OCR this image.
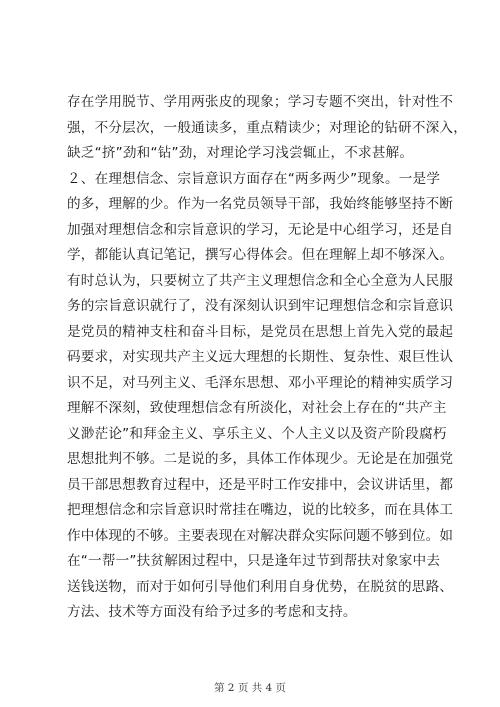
存在学用脱节、学用两张皮的现象；学习专题不突出，针对性不
强，不分层次，一般通读多，重点精读少；对理论的钻研不深入，
缺乏“挤”劲和“钻”劲，对理论学习浅尝辄止，不求甚解。
２、在理想信念、宗旨意识方面存在“两多两少”现象。一是学
的多，理解的少。作为一名党员领导干部，我始终能够坚持不断
加强对理想信念和宗旨意识的学习，无论是中心组学习，还是自
学，都能认真记笔记，撰写心得体会。但在理解上却不够深入。
有时总认为，只要树立了共产主义理想信念和全心全意为人民服
务的宗旨意识就行了，没有深刻认识到牢记理想信念和宗旨意识
是党员的精神支柱和奋斗目标，是党员在思想上首先入党的最起
码要求，对实现共产主义远大理想的长期性、复杂性、艰巨性认
识不足，对马列主义、毛泽东思想、邓小平理论的精神实质学习
理解不深刻，致使理想信念有所淡化，对社会上存在的“共产主
义渺茫论”和拜金主义、享乐主义、个人主义以及资产阶段腐朽
思想批判不够。二是说的多，具体工作体现少。无论是在加强党
员干部思想教育过程中，还是平时工作安排中，会议讲话里，都
把理想信念和宗旨意识时常挂在嘴边，说的比较多，而在具体工
作中体现的不够。主要表现在对解决群众实际问题不够到位。如
在“一帮一”扶贫解困过程中，只是逢年过节到帮扶对象家中去
送钱送物，而对于如何引导他们利用自身优势，在脱贫的思路、
方法、技术等方面没有给予过多的考虑和支持。
第 2 页 共 4 页
